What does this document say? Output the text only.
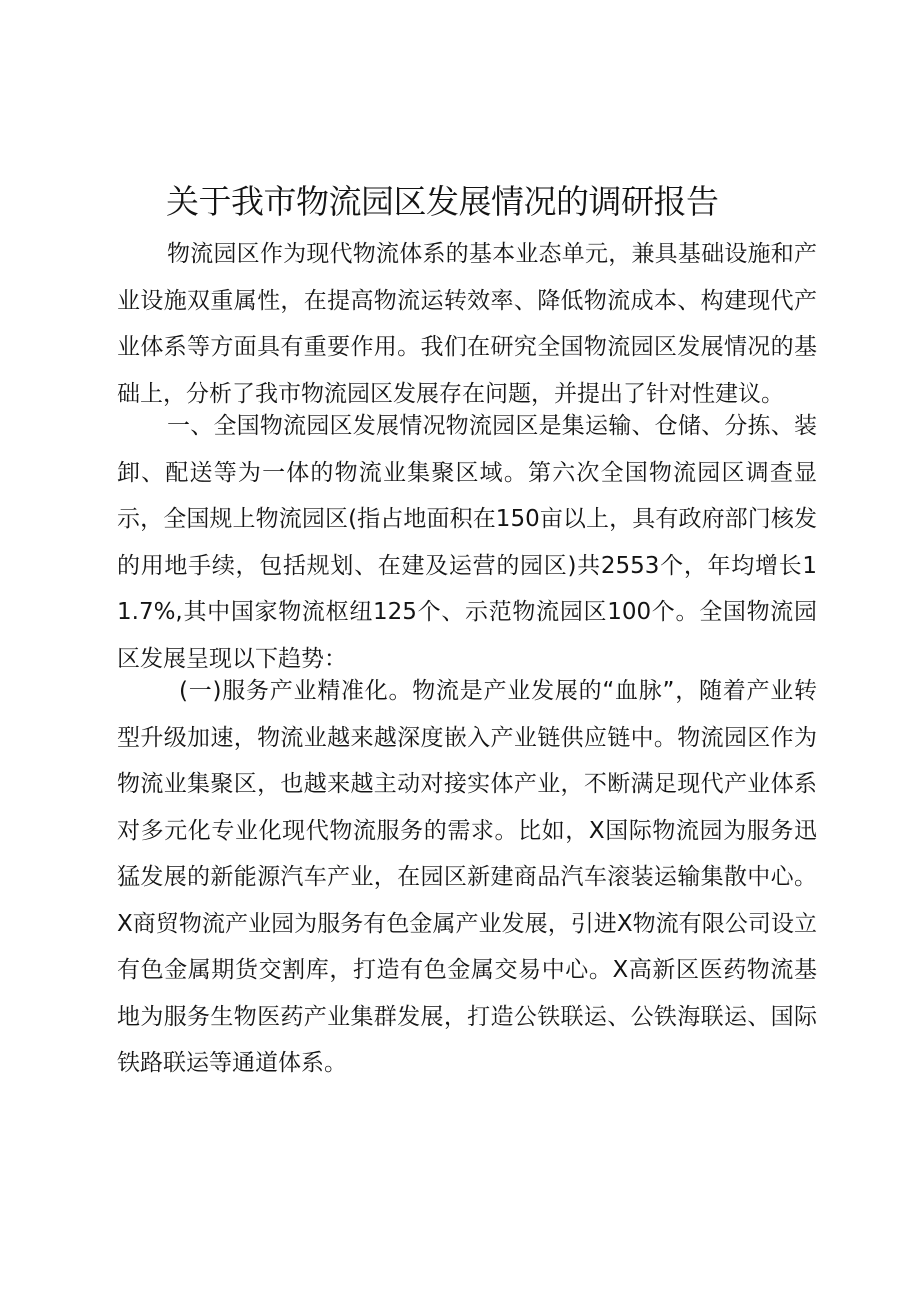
关于我市物流园区发展情况的调研报告

物流园区作为现代物流体系的基本业态单元，兼具基础设施和产业设施双重属性，在提高物流运转效率、降低物流成本、构建现代产业体系等方面具有重要作用。我们在研究全国物流园区发展情况的基础上，分析了我市物流园区发展存在问题，并提出了针对性建议。

一、全国物流园区发展情况物流园区是集运输、仓储、分拣、装卸、配送等为一体的物流业集聚区域。第六次全国物流园区调查显示，全国规上物流园区(指占地面积在150亩以上，具有政府部门核发的用地手续，包括规划、在建及运营的园区)共2553个，年均增长11.7%,其中国家物流枢纽125个、示范物流园区100个。全国物流园区发展呈现以下趋势：

(一)服务产业精准化。物流是产业发展的“血脉”，随着产业转型升级加速，物流业越来越深度嵌入产业链供应链中。物流园区作为物流业集聚区，也越来越主动对接实体产业，不断满足现代产业体系对多元化专业化现代物流服务的需求。比如，X国际物流园为服务迅猛发展的新能源汽车产业，在园区新建商品汽车滚装运输集散中心。X商贸物流产业园为服务有色金属产业发展，引进X物流有限公司设立有色金属期货交割库，打造有色金属交易中心。X高新区医药物流基地为服务生物医药产业集群发展，打造公铁联运、公铁海联运、国际铁路联运等通道体系。
